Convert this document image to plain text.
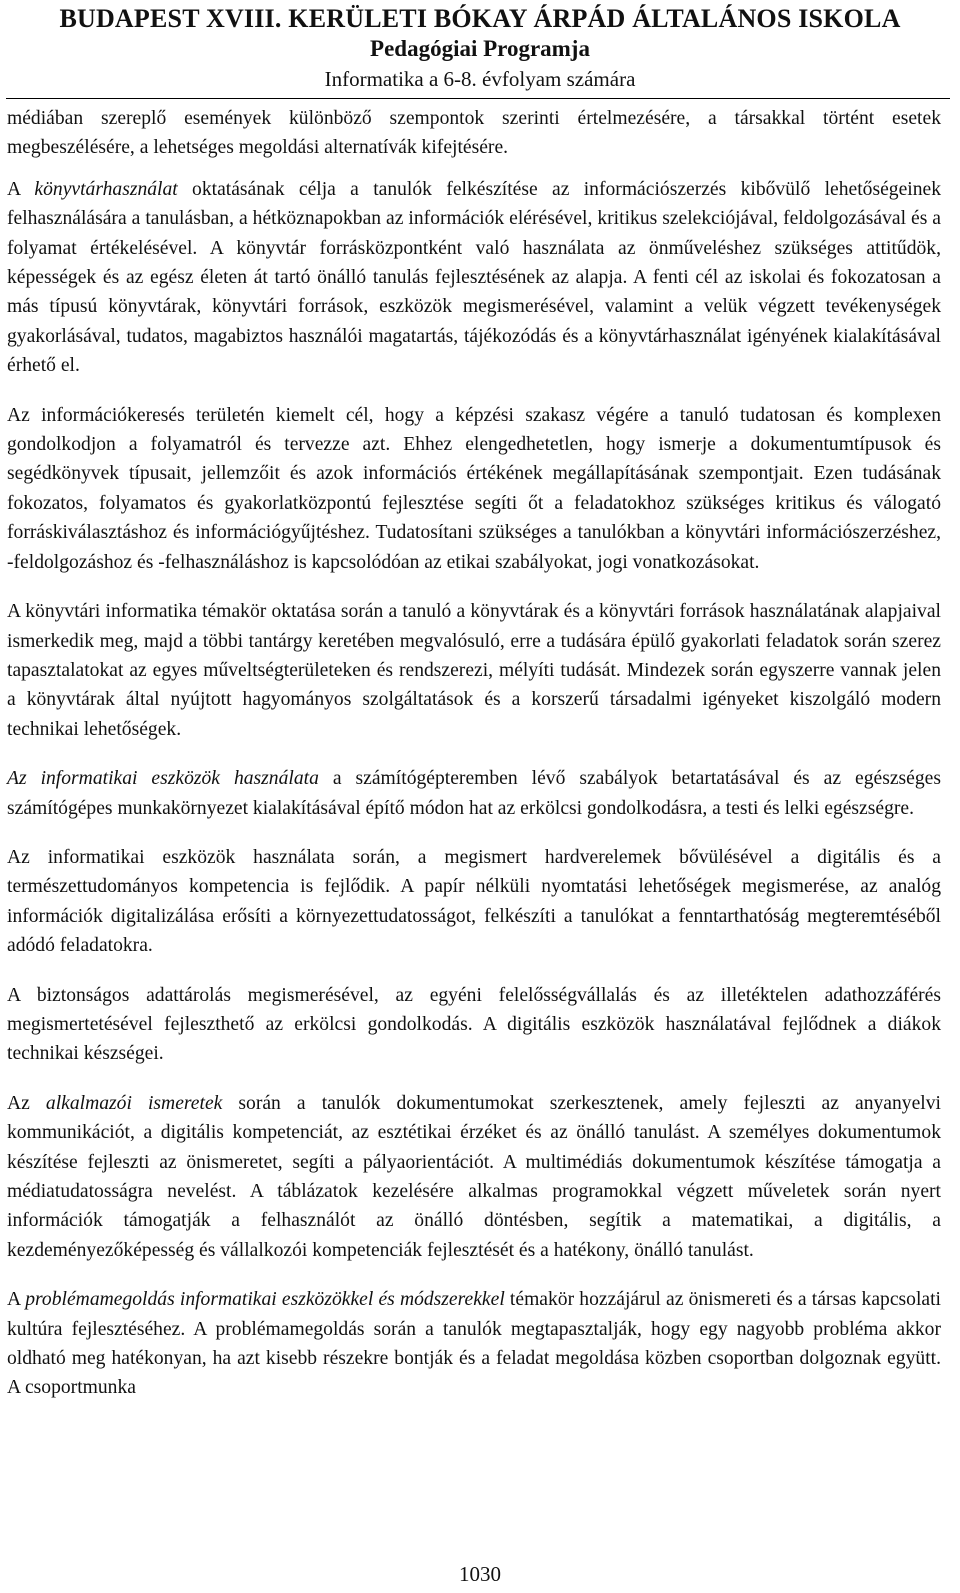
BUDAPEST XVIII. KERÜLETI BÓKAY ÁRPÁD ÁLTALÁNOS ISKOLA
Pedagógiai Programja
Informatika a 6-8. évfolyam számára

médiában szereplő események különböző szempontok szerinti értelmezésére, a társakkal történt esetek megbeszélésére, a lehetséges megoldási alternatívák kifejtésére.

A könyvtárhasználat oktatásának célja a tanulók felkészítése az információszerzés kibővülő lehetőségeinek felhasználására a tanulásban, a hétköznapokban az információk elérésével, kritikus szelekciójával, feldolgozásával és a folyamat értékelésével. A könyvtár forrásközpontként való használata az önműveléshez szükséges attitűdök, képességek és az egész életen át tartó önálló tanulás fejlesztésének az alapja. A fenti cél az iskolai és fokozatosan a más típusú könyvtárak, könyvtári források, eszközök megismerésével, valamint a velük végzett tevékenységek gyakorlásával, tudatos, magabiztos használói magatartás, tájékozódás és a könyvtárhasználat igényének kialakításával érhető el.

Az információkeresés területén kiemelt cél, hogy a képzési szakasz végére a tanuló tudatosan és komplexen gondolkodjon a folyamatról és tervezze azt. Ehhez elengedhetetlen, hogy ismerje a dokumentumtípusok és segédkönyvek típusait, jellemzőit és azok információs értékének megállapításának szempontjait. Ezen tudásának fokozatos, folyamatos és gyakorlatközpontú fejlesztése segíti őt a feladatokhoz szükséges kritikus és válogató forráskiválasztáshoz és információgyűjtéshez. Tudatosítani szükséges a tanulókban a könyvtári információszerzéshez, -feldolgozáshoz és -felhasználáshoz is kapcsolódóan az etikai szabályokat, jogi vonatkozásokat.

A könyvtári informatika témakör oktatása során a tanuló a könyvtárak és a könyvtári források használatának alapjaival ismerkedik meg, majd a többi tantárgy keretében megvalósuló, erre a tudására épülő gyakorlati feladatok során szerez tapasztalatokat az egyes műveltségterületeken és rendszerezi, mélyíti tudását. Mindezek során egyszerre vannak jelen a könyvtárak által nyújtott hagyományos szolgáltatások és a korszerű társadalmi igényeket kiszolgáló modern technikai lehetőségek.

Az informatikai eszközök használata a számítógépteremben lévő szabályok betartatásával és az egészséges számítógépes munkakörnyezet kialakításával építő módon hat az erkölcsi gondolkodásra, a testi és lelki egészségre.

Az informatikai eszközök használata során, a megismert hardverelemek bővülésével a digitális és a természettudományos kompetencia is fejlődik. A papír nélküli nyomtatási lehetőségek megismerése, az analóg információk digitalizálása erősíti a környezettudatosságot, felkészíti a tanulókat a fenntarthatóság megteremtéséből adódó feladatokra.

A biztonságos adattárolás megismerésével, az egyéni felelősségvállalás és az illetéktelen adathozzáférés megismertetésével fejleszthető az erkölcsi gondolkodás. A digitális eszközök használatával fejlődnek a diákok technikai készségei.

Az alkalmazói ismeretek során a tanulók dokumentumokat szerkesztenek, amely fejleszti az anyanyelvi kommunikációt, a digitális kompetenciát, az esztétikai érzéket és az önálló tanulást. A személyes dokumentumok készítése fejleszti az önismeretet, segíti a pályaorientációt. A multimédiás dokumentumok készítése támogatja a médiatudatosságra nevelést. A táblázatok kezelésére alkalmas programokkal végzett műveletek során nyert információk támogatják a felhasználót az önálló döntésben, segítik a matematikai, a digitális, a kezdeményezőképesség és vállalkozói kompetenciák fejlesztését és a hatékony, önálló tanulást.

A problémamegoldás informatikai eszközökkel és módszerekkel témakör hozzájárul az önismereti és a társas kapcsolati kultúra fejlesztéséhez. A problémamegoldás során a tanulók megtapasztalják, hogy egy nagyobb probléma akkor oldható meg hatékonyan, ha azt kisebb részekre bontják és a feladat megoldása közben csoportban dolgoznak együtt. A csoportmunka

1030
